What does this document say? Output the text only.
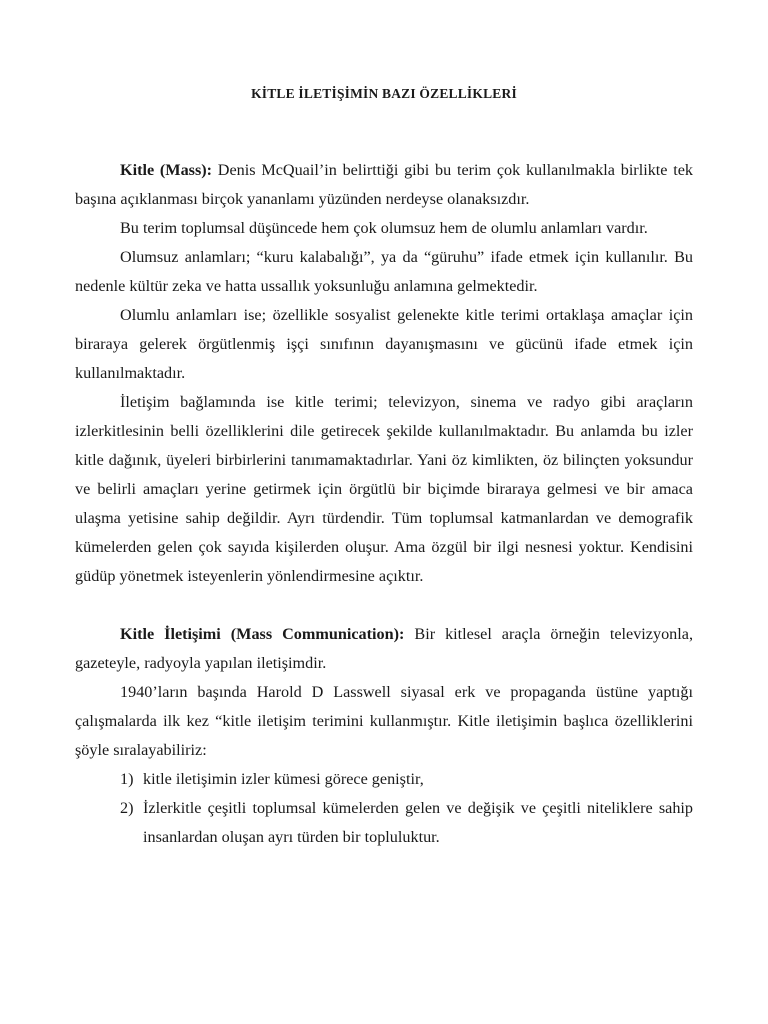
KİTLE İLETİŞİMİN BAZI ÖZELLİKLERİ

Kitle (Mass): Denis McQuail’in belirttiği gibi bu terim çok kullanılmakla birlikte tek başına açıklanması birçok yananlamı yüzünden nerdeyse olanaksızdır.

Bu terim toplumsal düşüncede hem çok olumsuz hem de olumlu anlamları vardır.

Olumsuz anlamları; “kuru kalabalığı”, ya da “güruhu” ifade etmek için kullanılır. Bu nedenle kültür zeka ve hatta ussallık yoksunluğu anlamına gelmektedir.

Olumlu anlamları ise; özellikle sosyalist gelenekte kitle terimi ortaklaşa amaçlar için biraraya gelerek örgütlenmiş işçi sınıfının dayanışmasını ve gücünü ifade etmek için kullanılmaktadır.

İletişim bağlamında ise kitle terimi; televizyon, sinema ve radyo gibi araçların izlerkitlesinin belli özelliklerini dile getirecek şekilde kullanılmaktadır. Bu anlamda bu izler kitle dağınık, üyeleri birbirlerini tanımamaktadırlar. Yani öz kimlikten, öz bilinçten yoksundur ve belirli amaçları yerine getirmek için örgütlü bir biçimde biraraya gelmesi ve bir amaca ulaşma yetisine sahip değildir. Ayrı türdendir. Tüm toplumsal katmanlardan ve demografik kümelerden gelen çok sayıda kişilerden oluşur. Ama özgül bir ilgi nesnesi yoktur. Kendisini güdüp yönetmek isteyenlerin yönlendirmesine açıktır.

Kitle İletişimi (Mass Communication): Bir kitlesel araçla örneğin televizyonla, gazeteyle, radyoyla yapılan iletişimdir.

1940’ların başında Harold D Lasswell siyasal erk ve propaganda üstüne yaptığı çalışmalarda ilk kez “kitle iletişim terimini kullanmıştır. Kitle iletişimin başlıca özelliklerini şöyle sıralayabiliriz:

1) kitle iletişimin izler kümesi görece geniştir,
2) İzlerkitle çeşitli toplumsal kümelerden gelen ve değişik ve çeşitli niteliklere sahip insanlardan oluşan ayrı türden bir topluluktur.
